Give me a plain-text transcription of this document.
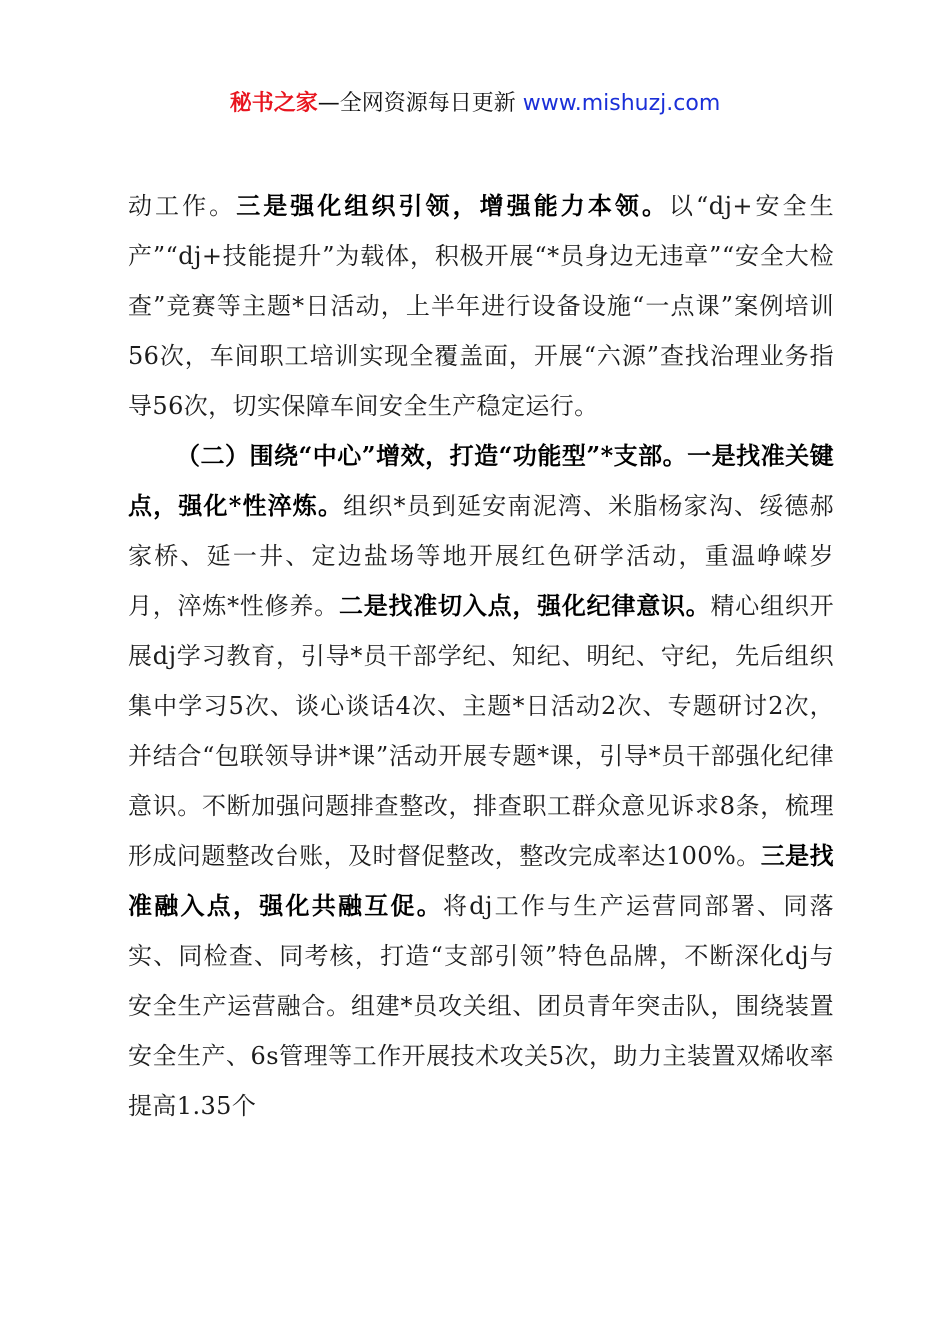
秘书之家—全网资源每日更新 www.mishuzj.com

动工作。三是强化组织引领，增强能力本领。以“dj+安全生产”“dj+技能提升”为载体，积极开展“*员身边无违章”“安全大检查”竞赛等主题*日活动，上半年进行设备设施“一点课”案例培训56次，车间职工培训实现全覆盖面，开展“六源”查找治理业务指导56次，切实保障车间安全生产稳定运行。

（二）围绕“中心”增效，打造“功能型”*支部。一是找准关键点，强化*性淬炼。组织*员到延安南泥湾、米脂杨家沟、绥德郝家桥、延一井、定边盐场等地开展红色研学活动，重温峥嵘岁月，淬炼*性修养。二是找准切入点，强化纪律意识。精心组织开展dj学习教育，引导*员干部学纪、知纪、明纪、守纪，先后组织集中学习5次、谈心谈话4次、主题*日活动2次、专题研讨2次，并结合“包联领导讲*课”活动开展专题*课，引导*员干部强化纪律意识。不断加强问题排查整改，排查职工群众意见诉求8条，梳理形成问题整改台账，及时督促整改，整改完成率达100%。三是找准融入点，强化共融互促。将dj工作与生产运营同部署、同落实、同检查、同考核，打造“支部引领”特色品牌，不断深化dj与安全生产运营融合。组建*员攻关组、团员青年突击队，围绕装置安全生产、6s管理等工作开展技术攻关5次，助力主装置双烯收率提高1.35个
